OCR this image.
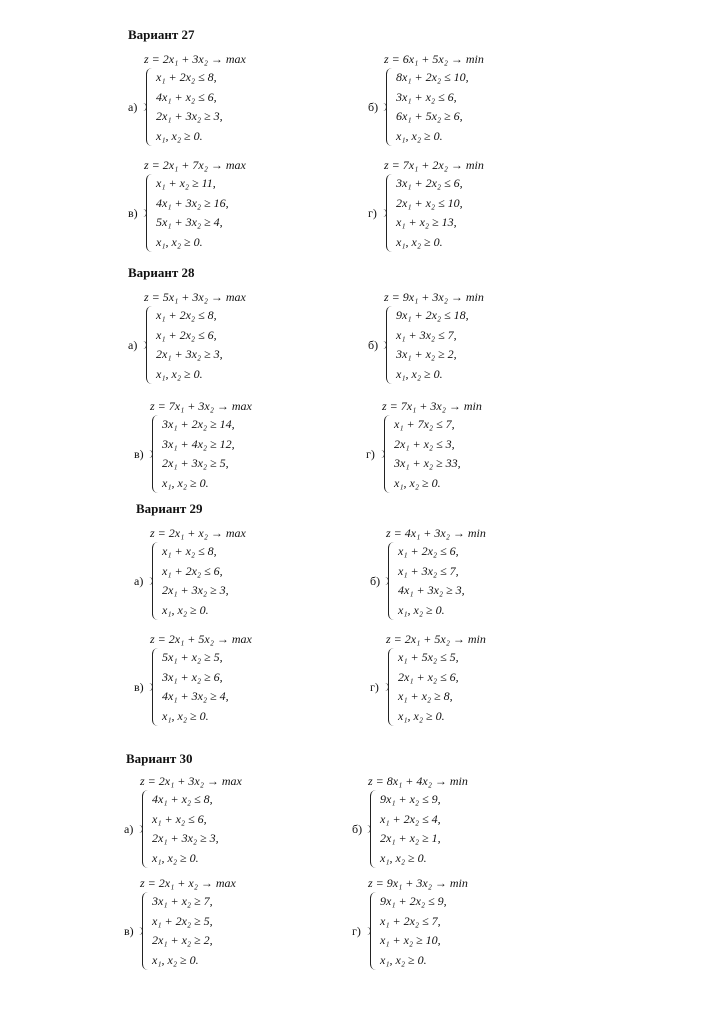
Вариант 27
z = 2x₁ + 3x₂ → max
а)
x₁ + 2x₂ ≤ 8,
4x₁ + x₂ ≤ 6,
2x₁ + 3x₂ ≥ 3,
x₁, x₂ ≥ 0.
z = 6x₁ + 5x₂ → min
б)
8x₁ + 2x₂ ≤ 10,
3x₁ + x₂ ≤ 6,
6x₁ + 5x₂ ≥ 6,
x₁, x₂ ≥ 0.
z = 2x₁ + 7x₂ → max
в)
x₁ + x₂ ≥ 11,
4x₁ + 3x₂ ≥ 16,
5x₁ + 3x₂ ≥ 4,
x₁, x₂ ≥ 0.
z = 7x₁ + 2x₂ → min
г)
3x₁ + 2x₂ ≤ 6,
2x₁ + x₂ ≤ 10,
x₁ + x₂ ≥ 13,
x₁, x₂ ≥ 0.
Вариант 28
z = 5x₁ + 3x₂ → max
а)
x₁ + 2x₂ ≤ 8,
x₁ + 2x₂ ≤ 6,
2x₁ + 3x₂ ≥ 3,
x₁, x₂ ≥ 0.
z = 9x₁ + 3x₂ → min
б)
9x₁ + 2x₂ ≤ 18,
x₁ + 3x₂ ≤ 7,
3x₁ + x₂ ≥ 2,
x₁, x₂ ≥ 0.
z = 7x₁ + 3x₂ → max
в)
3x₁ + 2x₂ ≥ 14,
3x₁ + 4x₂ ≥ 12,
2x₁ + 3x₂ ≥ 5,
x₁, x₂ ≥ 0.
z = 7x₁ + 3x₂ → min
г)
x₁ + 7x₂ ≤ 7,
2x₁ + x₂ ≤ 3,
3x₁ + x₂ ≥ 33,
x₁, x₂ ≥ 0.
Вариант 29
z = 2x₁ + x₂ → max
а)
x₁ + x₂ ≤ 8,
x₁ + 2x₂ ≤ 6,
2x₁ + 3x₂ ≥ 3,
x₁, x₂ ≥ 0.
z = 4x₁ + 3x₂ → min
б)
x₁ + 2x₂ ≤ 6,
x₁ + 3x₂ ≤ 7,
4x₁ + 3x₂ ≥ 3,
x₁, x₂ ≥ 0.
z = 2x₁ + 5x₂ → max
в)
5x₁ + x₂ ≥ 5,
3x₁ + x₂ ≥ 6,
4x₁ + 3x₂ ≥ 4,
x₁, x₂ ≥ 0.
z = 2x₁ + 5x₂ → min
г)
x₁ + 5x₂ ≤ 5,
2x₁ + x₂ ≤ 6,
x₁ + x₂ ≥ 8,
x₁, x₂ ≥ 0.
Вариант 30
z = 2x₁ + 3x₂ → max
а)
4x₁ + x₂ ≤ 8,
x₁ + x₂ ≤ 6,
2x₁ + 3x₂ ≥ 3,
x₁, x₂ ≥ 0.
z = 8x₁ + 4x₂ → min
б)
9x₁ + x₂ ≤ 9,
x₁ + 2x₂ ≤ 4,
2x₁ + x₂ ≥ 1,
x₁, x₂ ≥ 0.
z = 2x₁ + x₂ → max
в)
3x₁ + x₂ ≥ 7,
x₁ + 2x₂ ≥ 5,
2x₁ + x₂ ≥ 2,
x₁, x₂ ≥ 0.
z = 9x₁ + 3x₂ → min
г)
9x₁ + 2x₂ ≤ 9,
x₁ + 2x₂ ≤ 7,
x₁ + x₂ ≥ 10,
x₁, x₂ ≥ 0.
